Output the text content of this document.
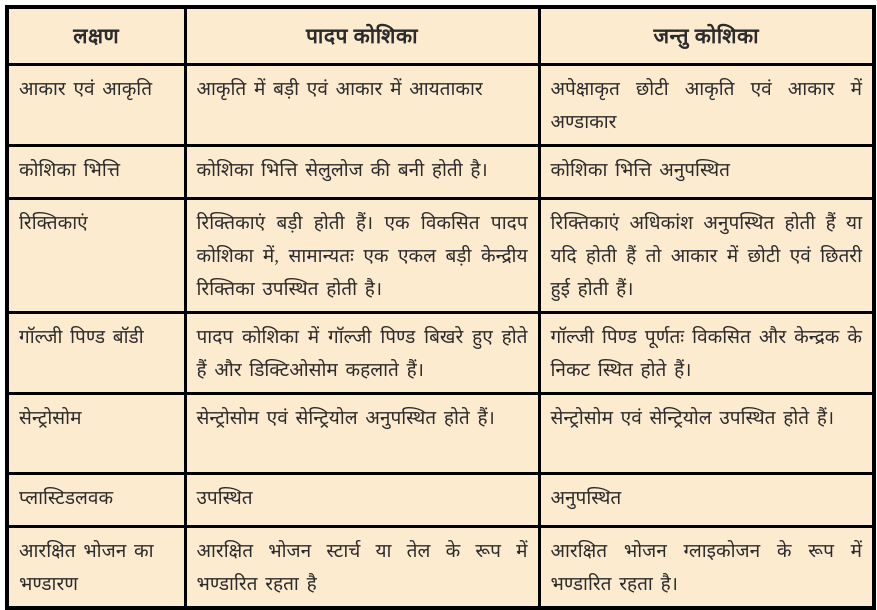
लक्षण	पादप कोशिका	जन्तु कोशिका
आकार एवं आकृति	आकृति में बड़ी एवं आकार में आयताकार	अपेक्षाकृत छोटी आकृति एवं आकार में अण्डाकार
कोशिका भित्ति	कोशिका भित्ति सेलुलोज की बनी होती है।	कोशिका भित्ति अनुपस्थित
रिक्तिकाएं	रिक्तिकाएं बड़ी होती हैं। एक विकसित पादप कोशिका में, सामान्यतः एक एकल बड़ी केन्द्रीय रिक्तिका उपस्थित होती है।	रिक्तिकाएं अधिकांश अनुपस्थित होती हैं या यदि होती हैं तो आकार में छोटी एवं छितरी हुई होती हैं।
गॉल्जी पिण्ड बॉडी	पादप कोशिका में गॉल्जी पिण्ड बिखरे हुए होते हैं और डिक्टिओसोम कहलाते हैं।	गॉल्जी पिण्ड पूर्णतः विकसित और केन्द्रक के निकट स्थित होते हैं।
सेन्ट्रोसोम	सेन्ट्रोसोम एवं सेन्ट्रियोल अनुपस्थित होते हैं।	सेन्ट्रोसोम एवं सेन्ट्रियोल उपस्थित होते हैं।
प्लास्टिडलवक	उपस्थित	अनुपस्थित
आरक्षित भोजन का भण्डारण	आरक्षित भोजन स्टार्च या तेल के रूप में भण्डारित रहता है	आरक्षित भोजन ग्लाइकोजन के रूप में भण्डारित रहता है।
